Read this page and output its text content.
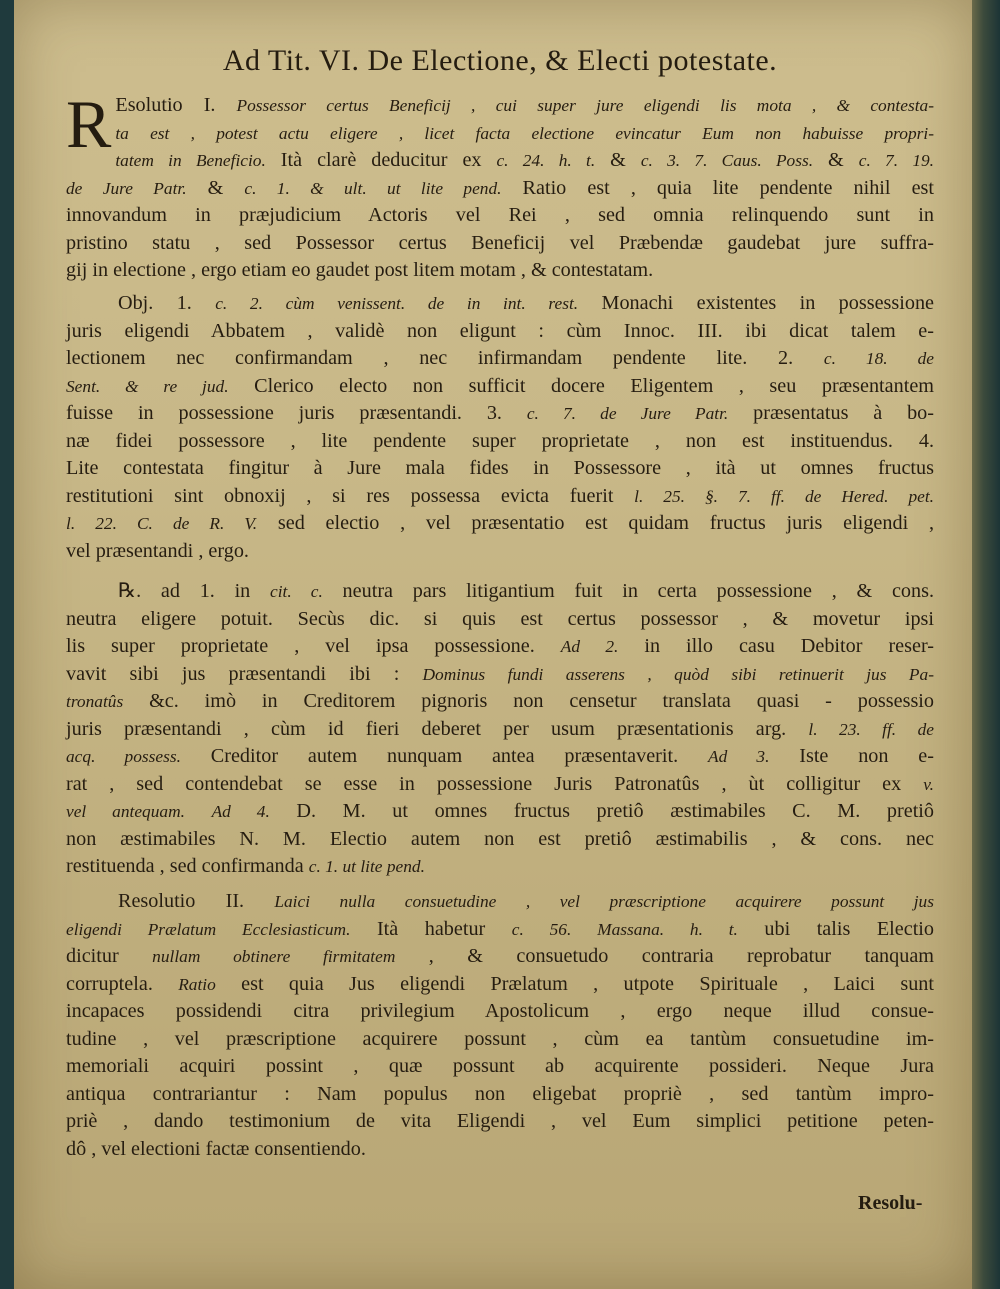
Ad Tit. VI. De Electione, & Electi potestate.
R Esolutio I. Possessor certus Beneficij , cui super jure eligendi lis mota , & contesta-
ta est , potest actu eligere , licet facta electione evincatur Eum non habuisse propri-
tatem in Beneficio. Ità clarè deducitur ex c. 24. h. t. & c. 3. 7. Caus. Poss. & c. 7. 19.
de Jure Patr. & c. 1. & ult. ut lite pend. Ratio est , quia lite pendente nihil est
innovandum in præjudicium Actoris vel Rei , sed omnia relinquendo sunt in
pristino statu , sed Possessor certus Beneficij vel Præbendæ gaudebat jure suffra-
gij in electione , ergo etiam eo gaudet post litem motam , & contestatam.
Obj. 1. c. 2. cùm venissent. de in int. rest. Monachi existentes in possessione
juris eligendi Abbatem , validè non eligunt : cùm Innoc. III. ibi dicat talem e-
lectionem nec confirmandam , nec infirmandam pendente lite. 2. c. 18. de
Sent. & re jud. Clerico electo non sufficit docere Eligentem , seu præsentantem
fuisse in possessione juris præsentandi. 3. c. 7. de Jure Patr. præsentatus à bo-
næ fidei possessore , lite pendente super proprietate , non est instituendus. 4.
Lite contestata fingitur à Jure mala fides in Possessore , ità ut omnes fructus
restitutioni sint obnoxij , si res possessa evicta fuerit l. 25. §. 7. ff. de Hered. pet.
l. 22. C. de R. V. sed electio , vel præsentatio est quidam fructus juris eligendi ,
vel præsentandi , ergo.
℞. ad 1. in cit. c. neutra pars litigantium fuit in certa possessione , & cons.
neutra eligere potuit. Secùs dic. si quis est certus possessor , & movetur ipsi
lis super proprietate , vel ipsa possessione. Ad 2. in illo casu Debitor reser-
vavit sibi jus præsentandi ibi : Dominus fundi asserens , quòd sibi retinuerit jus Pa-
tronatûs &c. imò in Creditorem pignoris non censetur translata quasi - possessio
juris præsentandi , cùm id fieri deberet per usum præsentationis arg. l. 23. ff. de
acq. possess. Creditor autem nunquam antea præsentaverit. Ad 3. Iste non e-
rat , sed contendebat se esse in possessione Juris Patronatûs , ùt colligitur ex v.
vel antequam. Ad 4. D. M. ut omnes fructus pretiô æstimabiles C. M. pretiô
non æstimabiles N. M. Electio autem non est pretiô æstimabilis , & cons. nec
restituenda , sed confirmanda c. 1. ut lite pend.
Resolutio II. Laici nulla consuetudine , vel præscriptione acquirere possunt jus
eligendi Prælatum Ecclesiasticum. Ità habetur c. 56. Massana. h. t. ubi talis Electio
dicitur nullam obtinere firmitatem , & consuetudo contraria reprobatur tanquam
corruptela. Ratio est quia Jus eligendi Prælatum , utpote Spirituale , Laici sunt
incapaces possidendi citra privilegium Apostolicum , ergo neque illud consue-
tudine , vel præscriptione acquirere possunt , cùm ea tantùm consuetudine im-
memoriali acquiri possint , quæ possunt ab acquirente possideri. Neque Jura
antiqua contrariantur : Nam populus non eligebat propriè , sed tantùm impro-
priè , dando testimonium de vita Eligendi , vel Eum simplici petitione peten-
dô , vel electioni factæ consentiendo.
Resolu-
